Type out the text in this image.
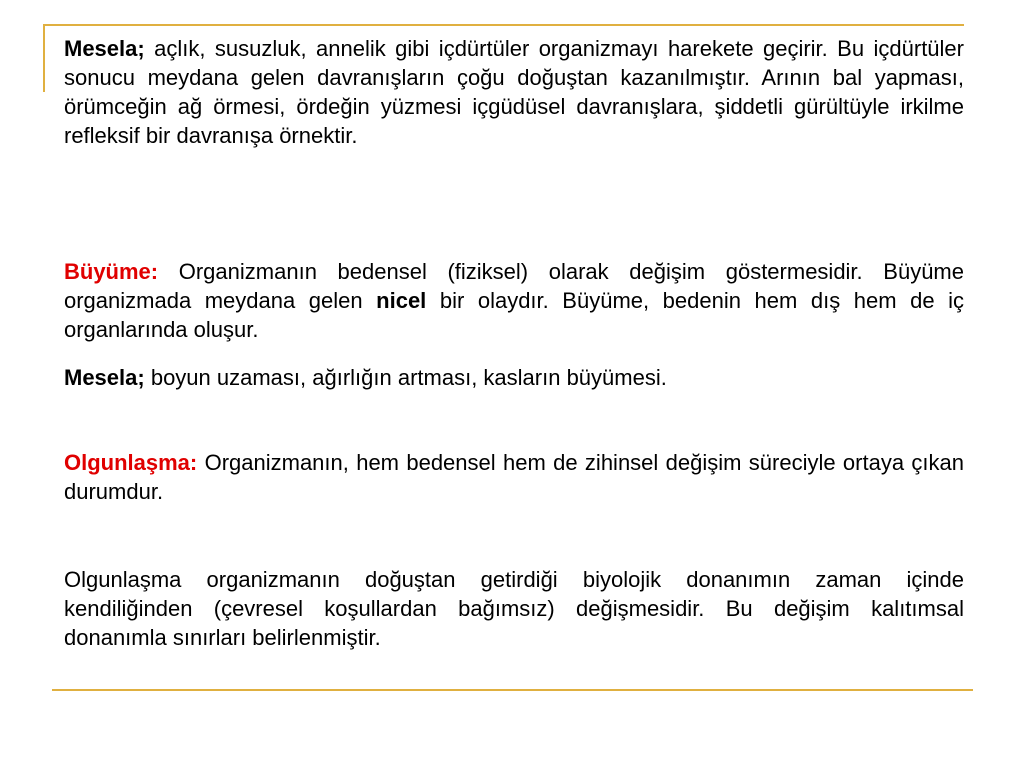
Mesela; açlık, susuzluk, annelik gibi içdürtüler organizmayı harekete geçirir. Bu içdürtüler sonucu meydana gelen davranışların çoğu doğuştan kazanılmıştır. Arının bal yapması, örümceğin ağ örmesi, ördeğin yüzmesi içgüdüsel davranışlara, şiddetli gürültüyle irkilme refleksif bir davranışa örnektir.

Büyüme: Organizmanın bedensel (fiziksel) olarak değişim göstermesidir. Büyüme organizmada meydana gelen nicel bir olaydır. Büyüme, bedenin hem dış hem de iç organlarında oluşur.

Mesela; boyun uzaması, ağırlığın artması, kasların büyümesi.

Olgunlaşma: Organizmanın, hem bedensel hem de zihinsel değişim süreciyle ortaya çıkan durumdur.

Olgunlaşma organizmanın doğuştan getirdiği biyolojik donanımın zaman içinde kendiliğinden (çevresel koşullardan bağımsız) değişmesidir. Bu değişim kalıtımsal donanımla sınırları belirlenmiştir.
